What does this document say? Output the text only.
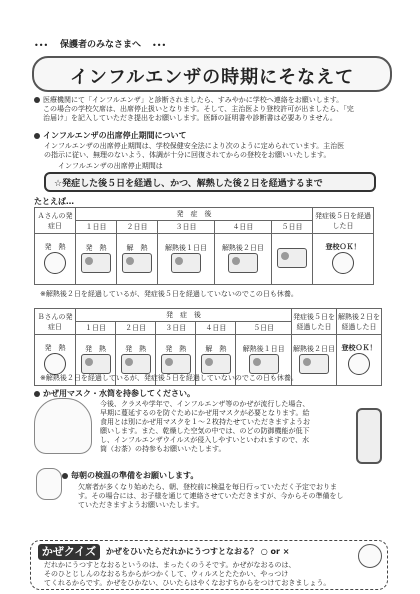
••• 保護者のみなさまへ •••
インフルエンザの時期にそなえて
医療機関にて「インフルエンザ」と診断されましたら、すみやかに学校へ連絡をお願いします。
この場合の学校欠席は、出席停止扱いとなります。そして、主治医より登校許可が出ましたら、「完
治届け」を記入していただき提出をお願いします。医師の証明書や診断書は必要ありません。
インフルエンザの出席停止期間について
インフルエンザの出席停止期間は、学校保健安全法により次のように定められています。主治医
の指示に従い、無理のないよう、体調が十分に回復されてからの登校をお願いいたします。
インフルエンザの出席停止期間は
☆発症した後５日を経過し、かつ、解熱した後２日を経過するまで
たとえば…
Ａさんの発症日	発　症　後					発症後５日を経過した日
	１日目	２日目	３日目	４日目	５日目	

発　熱	発　熱	解　熱	解熱後１日目	解熱後２日目		登校ＯＫ！
※解熱後２日を経過しているが、発症後５日を経過していないのでこの日も休養。
Ｂさんの発症日	発　症　後					発症後５日を経過した日	解熱後２日を経過した日
	１日目	２日目	３日目	４日目	５日目		

発　熱	発　熱	発　熱	発　熱	解　熱	解熱後１日目	解熱後２日目	登校ＯＫ！
※解熱後２日を経過しているが、発症後５日を経過していないのでこの日も休養。
かぜ用マスク・水筒を持参してください。
今後、クラスや学年で、インフルエンザ等のかぜが流行した場合、
早期に蔓延するのを防ぐためにかぜ用マスクが必要となります。給
食用とは別にかぜ用マスクを１～２枚持たせていただきますようお
願いします。また、乾燥した空気の中では、のどの防御機能が低下
し、インフルエンザウイルスが侵入しやすいといわれますので、水
筒（お茶）の持参もお願いいたします。
毎朝の検温の準備をお願いします。
欠席者が多くなり始めたら、朝、登校前に検温を毎日行っていただく予定でおりま
す。その場合には、お子様を通じて連絡させていただきますが、今からその準備をし
ていただきますようお願いいたします。
かぜクイズ	かぜをひいたらだれかにうつすとなおる？ ○ or ×
だれかにうつすとなおるというのは、まったくのうそです。かぜがなおるのは、
そのひとじしんのなおるちからがつかくして、ウィルスとたたかい、やっつけ
てくれるからです。かぜをひかない、ひいたらはやくなおすちからをつけておきましょう。
